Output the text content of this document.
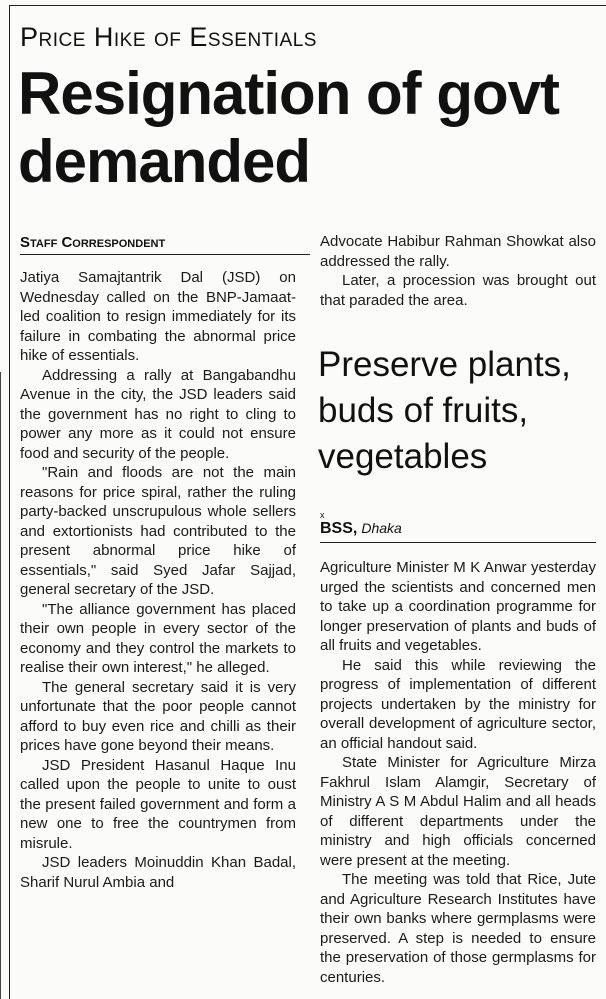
Price Hike of Essentials
Resignation of govt demanded
Staff Correspondent

Jatiya Samajtantrik Dal (JSD) on Wednesday called on the BNP-Jamaat-led coalition to resign immediately for its failure in combating the abnormal price hike of essentials.

Addressing a rally at Bangabandhu Avenue in the city, the JSD leaders said the government has no right to cling to power any more as it could not ensure food and security of the people.

"Rain and floods are not the main reasons for price spiral, rather the ruling party-backed unscrupulous whole sellers and extortionists had contributed to the present abnormal price hike of essentials," said Syed Jafar Sajjad, general secretary of the JSD.

"The alliance government has placed their own people in every sector of the economy and they control the markets to realise their own interest," he alleged.

The general secretary said it is very unfortunate that the poor people cannot afford to buy even rice and chilli as their prices have gone beyond their means.

JSD President Hasanul Haque Inu called upon the people to unite to oust the present failed government and form a new one to free the countrymen from misrule.

JSD leaders Moinuddin Khan Badal, Sharif Nurul Ambia and

Advocate Habibur Rahman Showkat also addressed the rally.

Later, a procession was brought out that paraded the area.

Preserve plants, buds of fruits, vegetables
x
BSS, Dhaka

Agriculture Minister M K Anwar yesterday urged the scientists and concerned men to take up a coordination programme for longer preservation of plants and buds of all fruits and vegetables.

He said this while reviewing the progress of implementation of different projects undertaken by the ministry for overall development of agriculture sector, an official handout said.

State Minister for Agriculture Mirza Fakhrul Islam Alamgir, Secretary of Ministry A S M Abdul Halim and all heads of different departments under the ministry and high officials concerned were present at the meeting.

The meeting was told that Rice, Jute and Agriculture Research Institutes have their own banks where germplasms were preserved. A step is needed to ensure the preservation of those germplasms for centuries.
